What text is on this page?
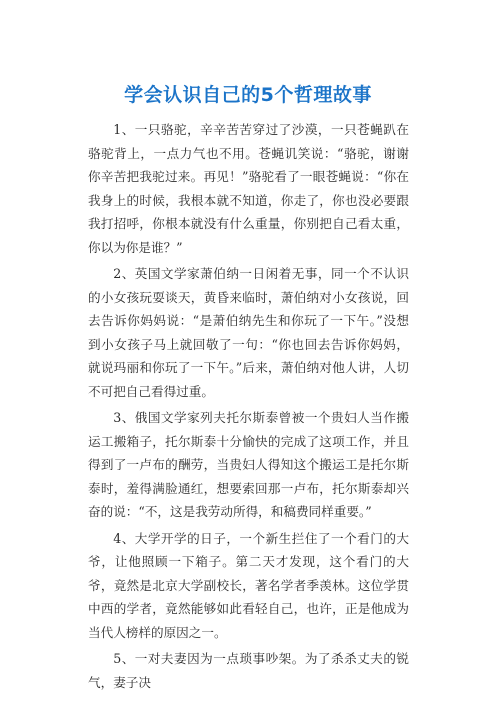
学会认识自己的5个哲理故事

1、一只骆驼，辛辛苦苦穿过了沙漠，一只苍蝇趴在骆驼背上，一点力气也不用。苍蝇讥笑说：“骆驼，谢谢你辛苦把我驼过来。再见！”骆驼看了一眼苍蝇说：“你在我身上的时候，我根本就不知道，你走了，你也没必要跟我打招呼，你根本就没有什么重量，你别把自己看太重，你以为你是谁？”

2、英国文学家萧伯纳一日闲着无事，同一个不认识的小女孩玩耍谈天，黄昏来临时，萧伯纳对小女孩说，回去告诉你妈妈说：“是萧伯纳先生和你玩了一下午。”没想到小女孩子马上就回敬了一句：“你也回去告诉你妈妈，就说玛丽和你玩了一下午。”后来，萧伯纳对他人讲，人切不可把自己看得过重。

3、俄国文学家列夫托尔斯泰曾被一个贵妇人当作搬运工搬箱子，托尔斯泰十分愉快的完成了这项工作，并且得到了一卢布的酬劳，当贵妇人得知这个搬运工是托尔斯泰时，羞得满脸通红，想要索回那一卢布，托尔斯泰却兴奋的说：“不，这是我劳动所得，和稿费同样重要。”

4、大学开学的日子，一个新生拦住了一个看门的大爷，让他照顾一下箱子。第二天才发现，这个看门的大爷，竟然是北京大学副校长，著名学者季羡林。这位学贯中西的学者，竟然能够如此看轻自己，也许，正是他成为当代人榜样的原因之一。

5、一对夫妻因为一点琐事吵架。为了杀杀丈夫的锐气，妻子决
